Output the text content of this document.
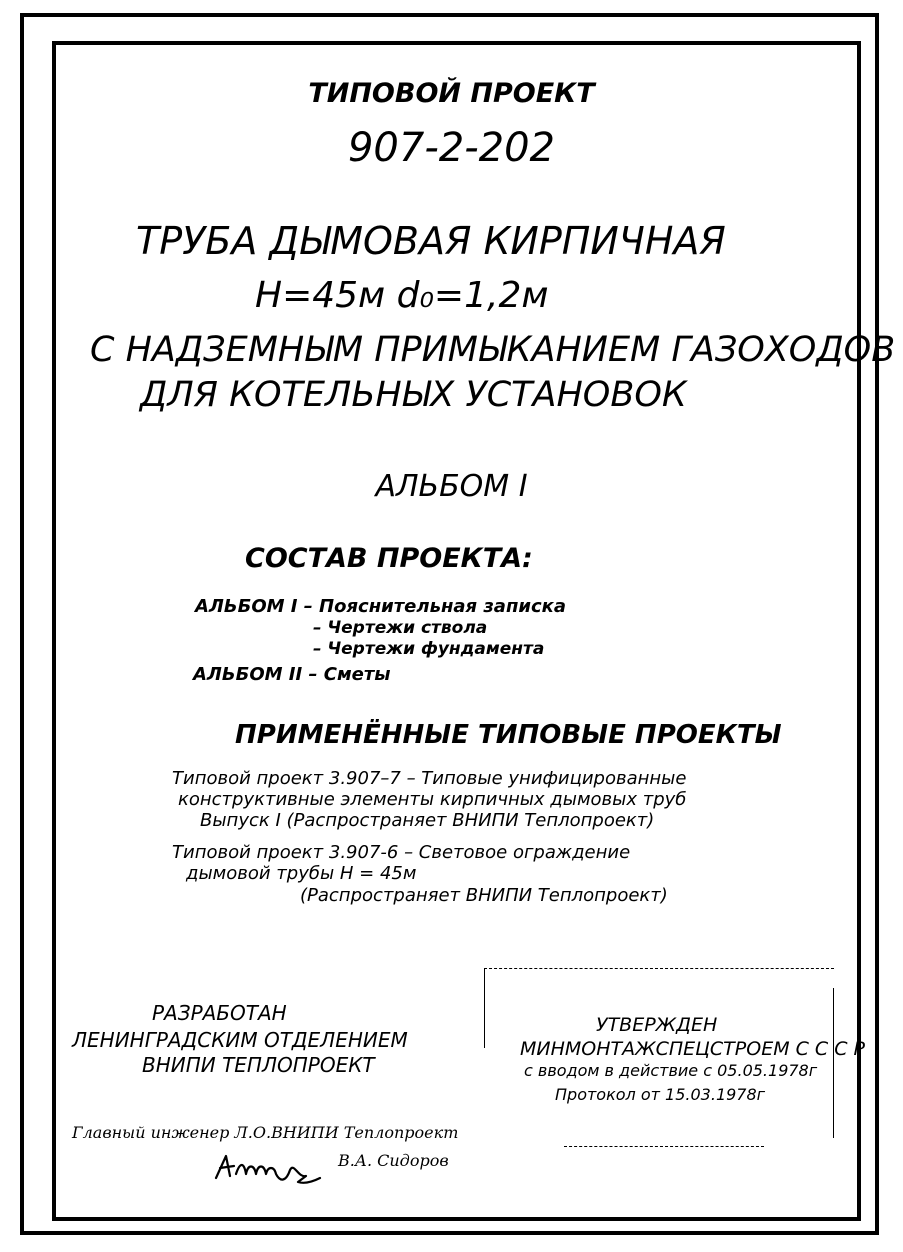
ТИПОВОЙ ПРОЕКТ
907-2-202
ТРУБА ДЫМОВАЯ КИРПИЧНАЯ
H=45м d₀=1,2м
С НАДЗЕМНЫМ ПРИМЫКАНИЕМ ГАЗОХОДОВ
ДЛЯ КОТЕЛЬНЫХ УСТАНОВОК
АЛЬБОМ I
СОСТАВ ПРОЕКТА:
АЛЬБОМ I – Пояснительная записка
– Чертежи ствола
– Чертежи фундамента
АЛЬБОМ II – Сметы
ПРИМЕНЁННЫЕ ТИПОВЫЕ ПРОЕКТЫ
Типовой проект 3.907–7 – Типовые унифицированные
конструктивные элементы кирпичных дымовых труб
Выпуск I (Распространяет ВНИПИ Теплопроект)
Типовой проект 3.907-6 – Световое ограждение
дымовой трубы H = 45м
(Распространяет ВНИПИ Теплопроект)
РАЗРАБОТАН
ЛЕНИНГРАДСКИМ ОТДЕЛЕНИЕМ
ВНИПИ ТЕПЛОПРОЕКТ
УТВЕРЖДЕН
МИНМОНТАЖСПЕЦСТРОЕМ С С С Р
с вводом в действие с 05.05.1978г
Протокол от 15.03.1978г
Главный инженер Л.О.ВНИПИ Теплопроект
В.А. Сидоров
